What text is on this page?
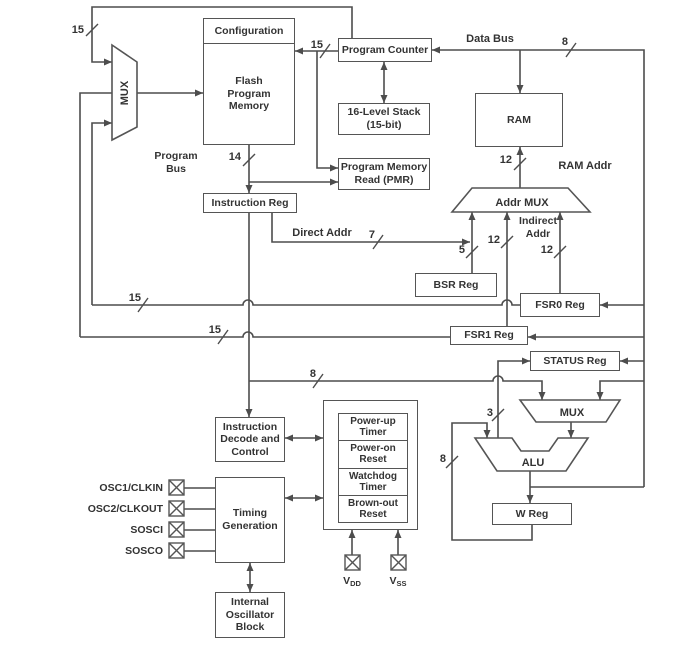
Data Bus
RAM Addr
Direct Addr
MUX
Addr MUX
MUX
ALU
15
15
14
8
12
7
5
12
12
15
15
8
3
8
Configuration
Flash
Program
Memory
Program Counter
16-Level Stack
(15-bit)
Program Memory
Read (PMR)
RAM
Instruction Reg
BSR Reg
FSR0 Reg
FSR1 Reg
STATUS Reg
W Reg
Instruction
Decode and
Control
Timing
Generation
Internal
Oscillator
Block
Power-up
Timer
Power-on
Reset
Watchdog
Timer
Brown-out
Reset
Program
Bus
Indirect
Addr
OSC1/CLKIN
OSC2/CLKOUT
SOSCI
SOSCO
VDD	VSS
